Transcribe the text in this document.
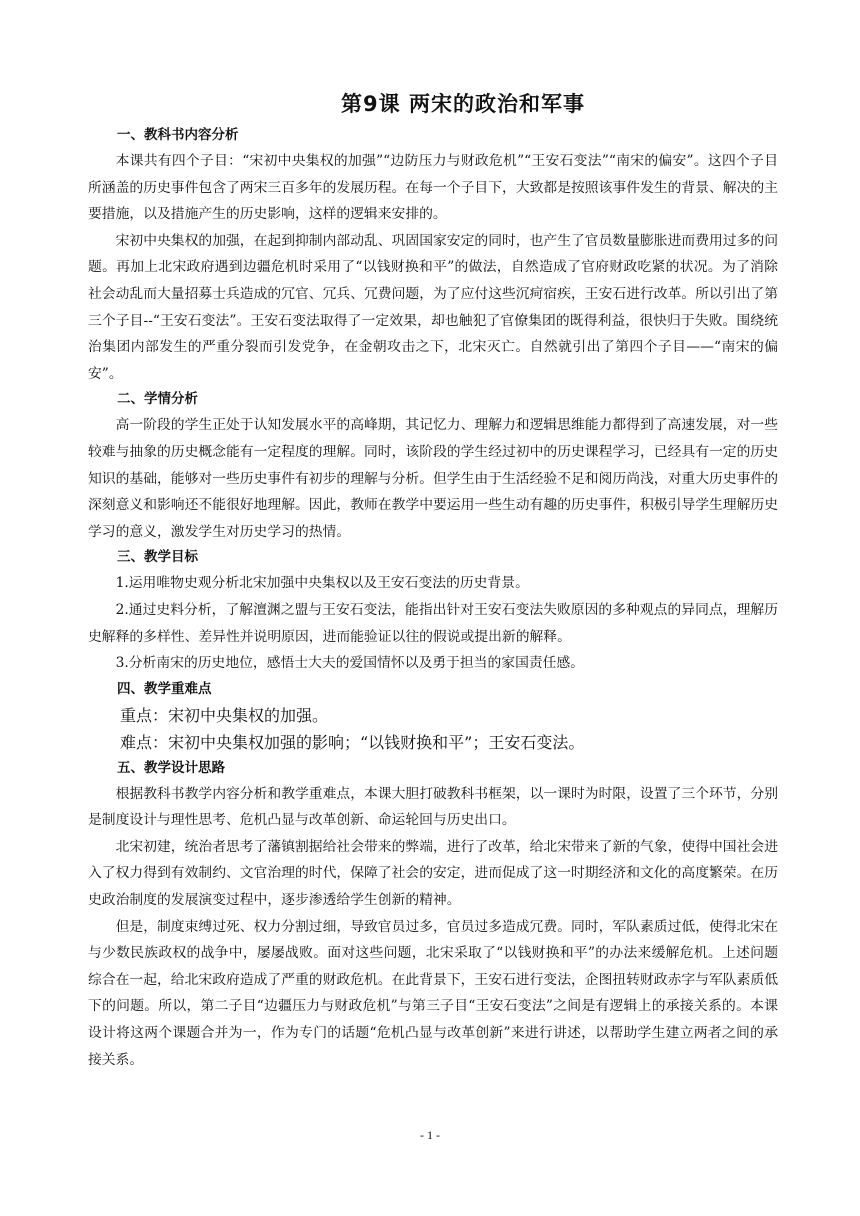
第9课 两宋的政治和军事
一、教科书内容分析

本课共有四个子目：“宋初中央集权的加强”“边防压力与财政危机”“王安石变法”“南宋的偏安”。这四个子目所涵盖的历史事件包含了两宋三百多年的发展历程。在每一个子目下，大致都是按照该事件发生的背景、解决的主要措施，以及措施产生的历史影响，这样的逻辑来安排的。

宋初中央集权的加强，在起到抑制内部动乱、巩固国家安定的同时，也产生了官员数量膨胀进而费用过多的问题。再加上北宋政府遇到边疆危机时采用了“以钱财换和平”的做法，自然造成了官府财政吃紧的状况。为了消除社会动乱而大量招募士兵造成的冗官、冗兵、冗费问题，为了应付这些沉疴宿疾，王安石进行改革。所以引出了第三个子目--“王安石变法”。王安石变法取得了一定效果，却也触犯了官僚集团的既得利益，很快归于失败。围绕统治集团内部发生的严重分裂而引发党争，在金朝攻击之下，北宋灭亡。自然就引出了第四个子目——“南宋的偏安”。

二、学情分析

高一阶段的学生正处于认知发展水平的高峰期，其记忆力、理解力和逻辑思维能力都得到了高速发展，对一些较难与抽象的历史概念能有一定程度的理解。同时，该阶段的学生经过初中的历史课程学习，已经具有一定的历史知识的基础，能够对一些历史事件有初步的理解与分析。但学生由于生活经验不足和阅历尚浅，对重大历史事件的深刻意义和影响还不能很好地理解。因此，教师在教学中要运用一些生动有趣的历史事件，积极引导学生理解历史学习的意义，激发学生对历史学习的热情。

三、教学目标

1.运用唯物史观分析北宋加强中央集权以及王安石变法的历史背景。

2.通过史料分析，了解澶渊之盟与王安石变法，能指出针对王安石变法失败原因的多种观点的异同点，理解历史解释的多样性、差异性并说明原因，进而能验证以往的假说或提出新的解释。

3.分析南宋的历史地位，感悟士大夫的爱国情怀以及勇于担当的家国责任感。

四、教学重难点

重点：宋初中央集权的加强。

难点：宋初中央集权加强的影响；“以钱财换和平”；王安石变法。

五、教学设计思路

根据教科书教学内容分析和教学重难点，本课大胆打破教科书框架，以一课时为时限，设置了三个环节，分别是制度设计与理性思考、危机凸显与改革创新、命运轮回与历史出口。

北宋初建，统治者思考了藩镇割据给社会带来的弊端，进行了改革，给北宋带来了新的气象，使得中国社会进入了权力得到有效制约、文官治理的时代，保障了社会的安定，进而促成了这一时期经济和文化的高度繁荣。在历史政治制度的发展演变过程中，逐步渗透给学生创新的精神。

但是，制度束缚过死、权力分割过细，导致官员过多，官员过多造成冗费。同时，军队素质过低，使得北宋在与少数民族政权的战争中，屡屡战败。面对这些问题，北宋采取了“以钱财换和平”的办法来缓解危机。上述问题综合在一起，给北宋政府造成了严重的财政危机。在此背景下，王安石进行变法，企图扭转财政赤字与军队素质低下的问题。所以，第二子目“边疆压力与财政危机”与第三子目“王安石变法”之间是有逻辑上的承接关系的。本课设计将这两个课题合并为一，作为专门的话题“危机凸显与改革创新”来进行讲述，以帮助学生建立两者之间的承接关系。

- 1 -
